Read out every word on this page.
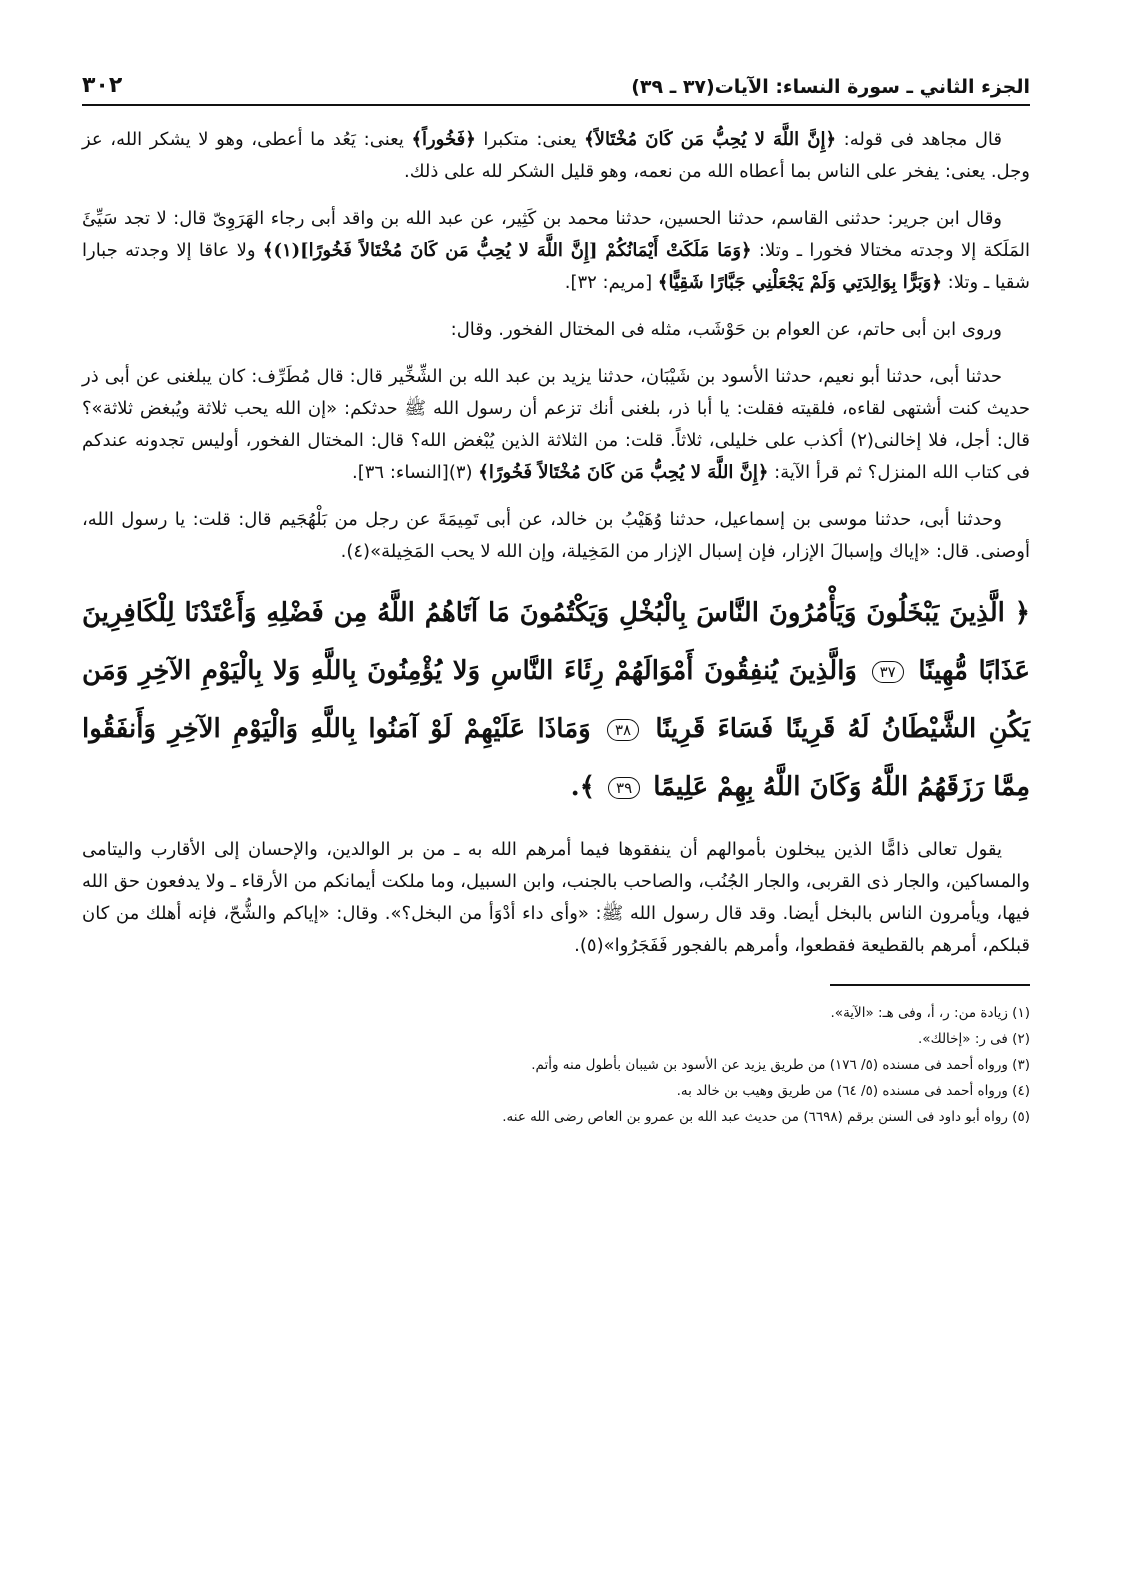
الجزء الثاني ـ سورة النساء: الآيات(٣٧ ـ ٣٩)
٣٠٢

قال مجاهد فى قوله: ﴿إِنَّ اللَّهَ لا يُحِبُّ مَن كَانَ مُخْتَالاً﴾ يعنى: متكبرا ﴿فَخُوراً﴾ يعنى: يَعُد ما أعطى، وهو لا يشكر الله، عز وجل. يعنى: يفخر على الناس بما أعطاه الله من نعمه، وهو قليل الشكر لله على ذلك.

وقال ابن جرير: حدثنى القاسم، حدثنا الحسين، حدثنا محمد بن كَثِير، عن عبد الله بن واقد أبى رجاء الهَرَوِىّ قال: لا تجد سَيِّئَ المَلَكة إلا وجدته مختالا فخورا ـ وتلا: ﴿وَمَا مَلَكَتْ أَيْمَانُكُمْ [إِنَّ اللَّهَ لا يُحِبُّ مَن كَانَ مُخْتَالاً فَخُورًا](١)﴾ ولا عاقا إلا وجدته جبارا شقيا ـ وتلا: ﴿وَبَرًّا بِوَالِدَتِي وَلَمْ يَجْعَلْنِي جَبَّارًا شَقِيًّا﴾ [مريم: ٣٢].

وروى ابن أبى حاتم، عن العوام بن حَوْشَب، مثله فى المختال الفخور. وقال:

حدثنا أبى، حدثنا أبو نعيم، حدثنا الأسود بن شَيْبَان، حدثنا يزيد بن عبد الله بن الشِّخِّير قال: قال مُطَرِّف: كان يبلغنى عن أبى ذر حديث كنت أشتهى لقاءه، فلقيته فقلت: يا أبا ذر، بلغنى أنك تزعم أن رسول الله ﷺ حدثكم: «إن الله يحب ثلاثة ويُبغض ثلاثة»؟ قال: أجل، فلا إخالنى(٢) أكذب على خليلى، ثلاثاً. قلت: من الثلاثة الذين يُبْغض الله؟ قال: المختال الفخور، أوليس تجدونه عندكم فى كتاب الله المنزل؟ ثم قرأ الآية: ﴿إِنَّ اللَّهَ لا يُحِبُّ مَن كَانَ مُخْتَالاً فَخُورًا﴾ (٣)[النساء: ٣٦].

وحدثنا أبى، حدثنا موسى بن إسماعيل، حدثنا وُهَيْبُ بن خالد، عن أبى تَمِيمَةَ عن رجل من بَلْهُجَيم قال: قلت: يا رسول الله، أوصنى. قال: «إياك وإسبالَ الإزار، فإن إسبال الإزار من المَخِيلة، وإن الله لا يحب المَخِيلة»(٤).

﴿ الَّذِينَ يَبْخَلُونَ وَيَأْمُرُونَ النَّاسَ بِالْبُخْلِ وَيَكْتُمُونَ مَا آتَاهُمُ اللَّهُ مِن فَضْلِهِ وَأَعْتَدْنَا لِلْكَافِرِينَ عَذَابًا مُّهِينًا ٣٧ وَالَّذِينَ يُنفِقُونَ أَمْوَالَهُمْ رِئَاءَ النَّاسِ وَلا يُؤْمِنُونَ بِاللَّهِ وَلا بِالْيَوْمِ الآخِرِ وَمَن يَكُنِ الشَّيْطَانُ لَهُ قَرِينًا فَسَاءَ قَرِينًا ٣٨ وَمَاذَا عَلَيْهِمْ لَوْ آمَنُوا بِاللَّهِ وَالْيَوْمِ الآخِرِ وَأَنفَقُوا مِمَّا رَزَقَهُمُ اللَّهُ وَكَانَ اللَّهُ بِهِمْ عَلِيمًا ٣٩ ﴾.

يقول تعالى ذامًّا الذين يبخلون بأموالهم أن ينفقوها فيما أمرهم الله به ـ من بر الوالدين، والإحسان إلى الأقارب واليتامى والمساكين، والجار ذى القربى، والجار الجُنُب، والصاحب بالجنب، وابن السبيل، وما ملكت أيمانكم من الأرقاء ـ ولا يدفعون حق الله فيها، ويأمرون الناس بالبخل أيضا. وقد قال رسول الله ﷺ: «وأى داء أدْوَأ من البخل؟». وقال: «إياكم والشُّحّ، فإنه أهلك من كان قبلكم، أمرهم بالقطيعة فقطعوا، وأمرهم بالفجور فَفَجَرُوا»(٥).

(١) زيادة من: ر، أ، وفى هـ: «الآية».

(٢) فى ر: «إخالك».

(٣) ورواه أحمد فى مسنده (٥/ ١٧٦) من طريق يزيد عن الأسود بن شيبان بأطول منه وأتم.

(٤) ورواه أحمد فى مسنده (٥/ ٦٤) من طريق وهيب بن خالد به.

(٥) رواه أبو داود فى السنن برقم (٦٦٩٨) من حديث عبد الله بن عمرو بن العاص رضى الله عنه.
